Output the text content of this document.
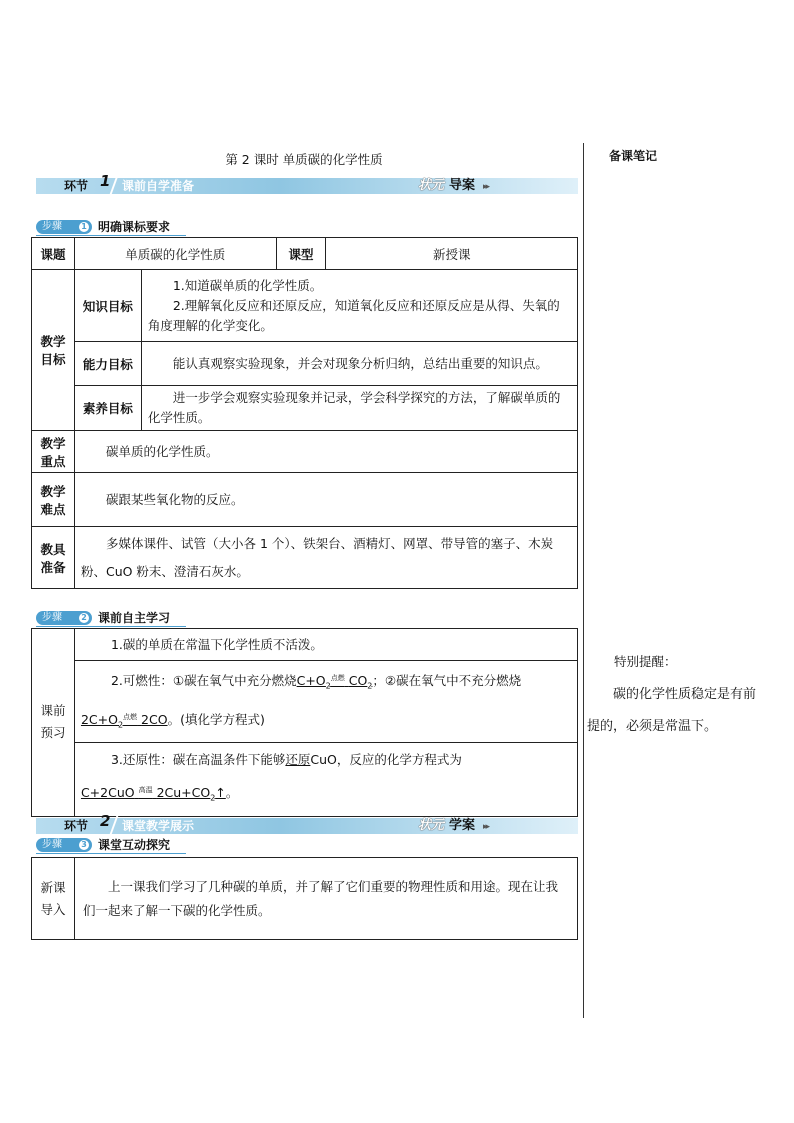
备课笔记
特别提醒：
碳的化学性质稳定是有前提的，必须是常温下。
第 2 课时 单质碳的化学性质
环节 1 课前自学准备	状元 导案 ▸▸
步骤 1 明确课标要求
课题	单质碳的化学性质		课型	新授课
教学目标	知识目标	1.知道碳单质的化学性质。
2.理解氧化反应和还原反应，知道氧化反应和还原反应是从得、失氧的角度理解的化学变化。		

	能力目标	能认真观察实验现象，并会对现象分析归纳，总结出重要的知识点。		
	素养目标	进一步学会观察实验现象并记录，学会科学探究的方法，了解碳单质的化学性质。		
教学重点	碳单质的化学性质。			
教学难点	碳跟某些氧化物的反应。			
教具准备	多媒体课件、试管（大小各 1 个）、铁架台、酒精灯、网罩、带导管的塞子、木炭粉、CuO 粉末、澄清石灰水。			
步骤 2 课前自主学习
课前预习	1.碳的单质在常温下化学性质不活泼。
2.可燃性：①碳在氧气中充分燃烧$C+O_2^{点燃}$ $CO_2$；②碳在氧气中不充分燃烧
$2C+O_2^{点燃}$ 2CO。(填化学方程式)
3.还原性：碳在高温条件下能够还原CuO，反应的化学方程式为
C+2CuO $^{高温}$ $2Cu+CO_2↑$。
环节 2 课堂教学展示	状元 学案 ▸▸
步骤 3 课堂互动探究
新课导入	上一课我们学习了几种碳的单质，并了解了它们重要的物理性质和用途。现在让我们一起来了解一下碳的化学性质。
